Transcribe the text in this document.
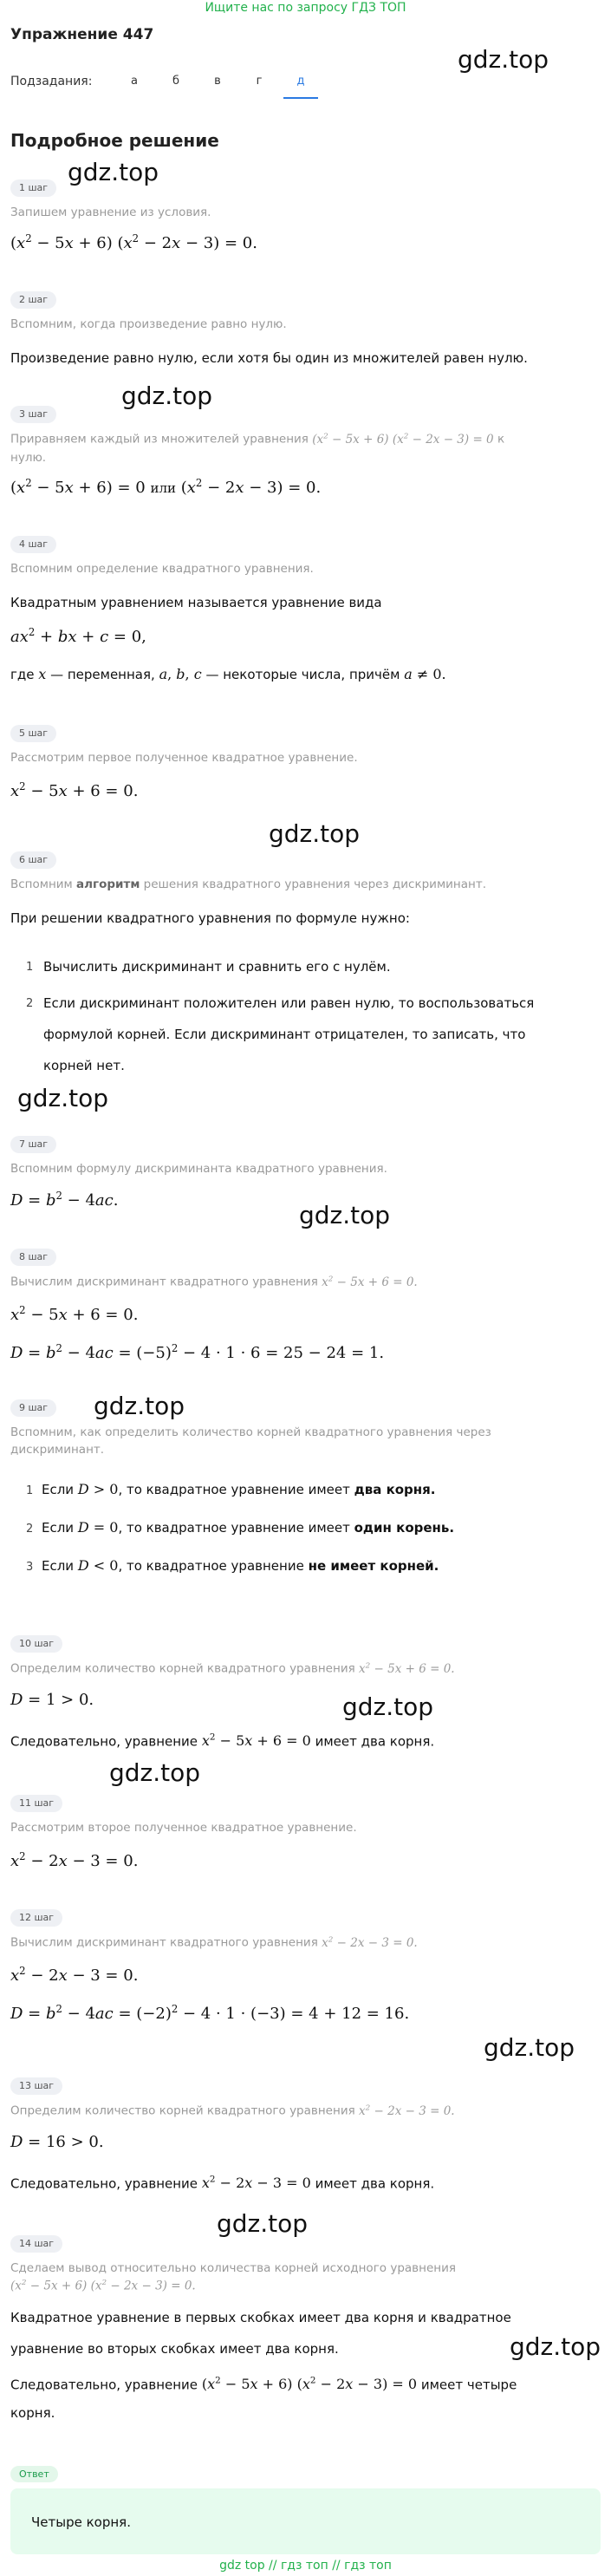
Ищите нас по запросу ГДЗ ТОП
Упражнение 447
gdz.top
Подзадания:	а	б	в	г	д
Подробное решение
gdz.top
1 шаг
Запишем уравнение из условия.
$(x^2 - 5x + 6) (x^2 - 2x - 3) = 0$.
2 шаг
Вспомним, когда произведение равно нулю.
Произведение равно нулю, если хотя бы один из множителей равен нулю.
gdz.top
3 шаг
Приравняем каждый из множителей уравнения $(x^2 - 5x + 6) (x^2 - 2x - 3) = 0$ к
нулю.
$(x^2 - 5x + 6) = 0$ или $(x^2 - 2x - 3) = 0$.
4 шаг
Вспомним определение квадратного уравнения.
Квадратным уравнением называется уравнение вида
$ax^2$ + bx + c = 0,
где x — переменная, a, b, c — некоторые числа, причём a ≠ 0.
5 шаг
Рассмотрим первое полученное квадратное уравнение.
$x^2 - 5x + 6 = 0$.
gdz.top
6 шаг
Вспомним алгоритм решения квадратного уравнения через дискриминант.
При решении квадратного уравнения по формуле нужно:
1 Вычислить дискриминант и сравнить его с нулём.
2 Если дискриминант положителен или равен нулю, то воспользоваться
формулой корней. Если дискриминант отрицателен, то записать, что
корней нет.
gdz.top
7 шаг
Вспомним формулу дискриминанта квадратного уравнения.
gdz.top
$D = b^2 - 4ac$.
8 шаг
Вычислим дискриминант квадратного уравнения $x^2 - 5x + 6 = 0$.
$x^2 - 5x + 6 = 0$.
$D = b^2 - 4ac = (-5)^2 - 4 \cdot 1 \cdot 6 = 25 - 24 = 1$.
9 шаг	gdz.top
Вспомним, как определить количество корней квадратного уравнения через
дискриминант.
1 Если D > 0, то квадратное уравнение имеет два корня.
2 Если D = 0, то квадратное уравнение имеет один корень.
3 Если D < 0, то квадратное уравнение не имеет корней.
10 шаг
Определим количество корней квадратного уравнения $x^2 - 5x + 6 = 0$.
D = 1 > 0.	gdz.top
Следовательно, уравнение $x^2 - 5x + 6 = 0$ имеет два корня.
gdz.top
11 шаг
Рассмотрим второе полученное квадратное уравнение.
$x^2 - 2x - 3 = 0$.
12 шаг
Вычислим дискриминант квадратного уравнения $x^2 - 2x - 3 = 0$.
$x^2 - 2x - 3 = 0$.
$D = b^2 - 4ac = (-2)^2 - 4 \cdot 1 \cdot (-3) = 4 + 12 = 16$.
gdz.top
13 шаг
Определим количество корней квадратного уравнения $x^2 - 2x - 3 = 0$.
D = 16 > 0.
Следовательно, уравнение $x^2 - 2x - 3 = 0$ имеет два корня.
gdz.top
14 шаг
Сделаем вывод относительно количества корней исходного уравнения
$(x^2 - 5x + 6) (x^2 - 2x - 3) = 0$.
Квадратное уравнение в первых скобках имеет два корня и квадратное
уравнение во вторых скобках имеет два корня.	gdz.top
Следовательно, уравнение $(x^2 - 5x + 6) (x^2 - 2x - 3) = 0$ имеет четыре
корня.
Ответ
Четыре корня.
gdz top // гдз топ // гдз топ
